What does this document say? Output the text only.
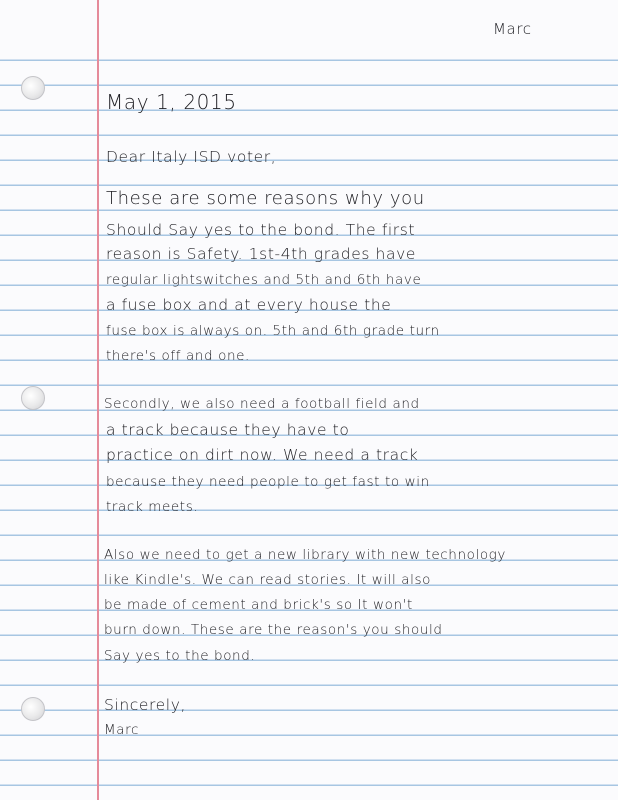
Marc
May 1, 2015
Dear Italy ISD voter,
These are some reasons why you
Should Say yes to the bond. The first
reason is Safety. 1st-4th grades have
regular lightswitches and 5th and 6th have
a fuse box and at every house the
fuse box is always on. 5th and 6th grade turn
there's off and one.
Secondly, we also need a football field and
a track because they have to
practice on dirt now. We need a track
because they need people to get fast to win
track meets.
Also we need to get a new library with new technology
like Kindle's. We can read stories. It will also
be made of cement and brick's so It won't
burn down. These are the reason's you should
Say yes to the bond.
Sincerely,
Marc
